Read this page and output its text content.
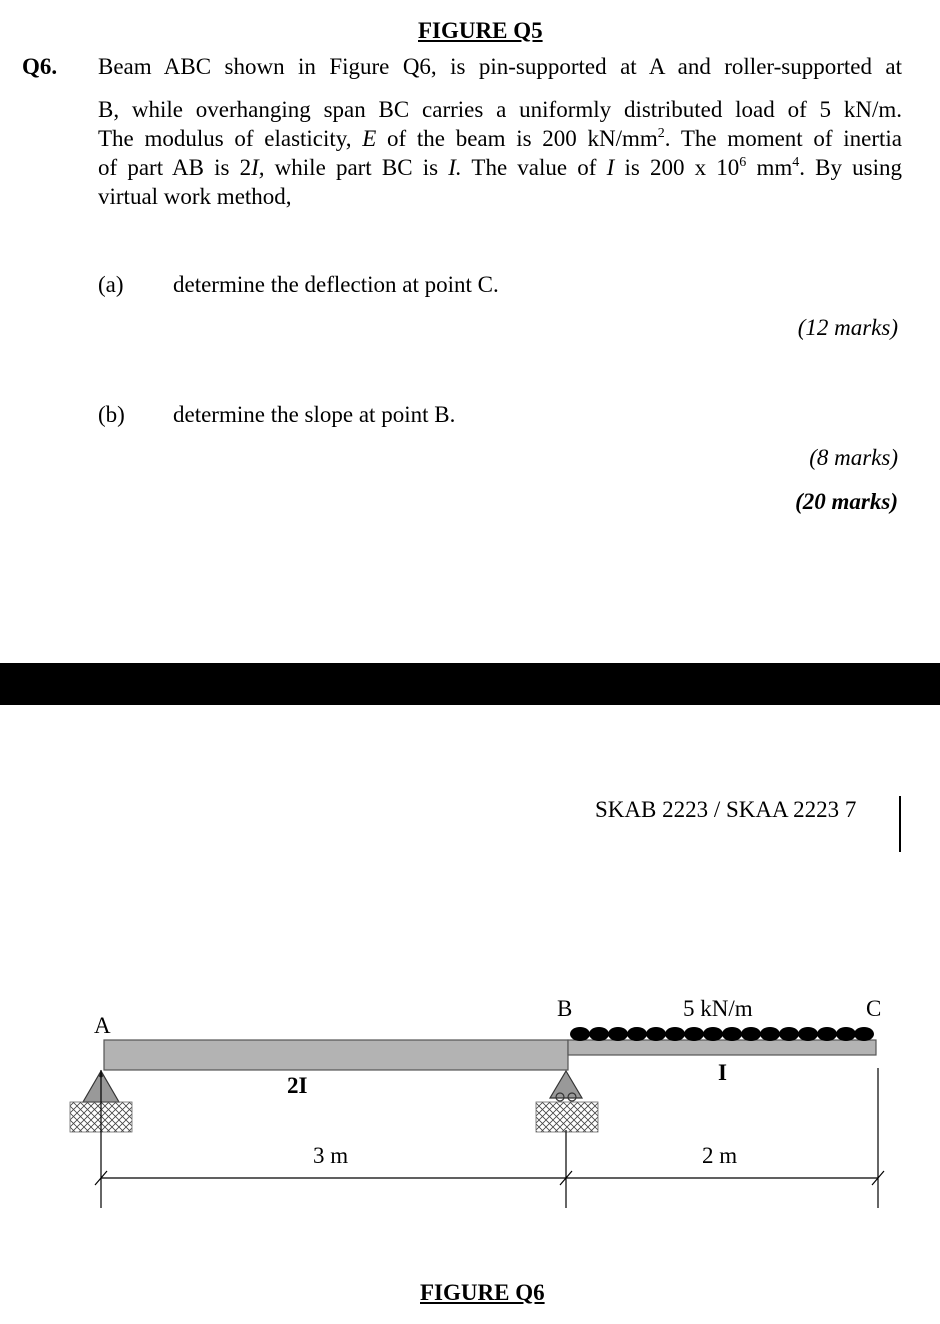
FIGURE Q5
Q6. Beam ABC shown in Figure Q6, is pin-supported at A and roller-supported at
B, while overhanging span BC carries a uniformly distributed load of 5 kN/m.
The modulus of elasticity, E of the beam is 200 $kN/mm^2$. The moment of inertia
of part AB is 2I, while part BC is I. The value of I is 200 x $10^6$ $mm^4$. By using
virtual work method,
(a) determine the deflection at point C.
(12 marks)
(b) determine the slope at point B.
(8 marks)
(20 marks)
SKAB 2223 / SKAA 2223 7
A
B	C
5 kN/m
2I
I
3 m	2 m
FIGURE Q6
